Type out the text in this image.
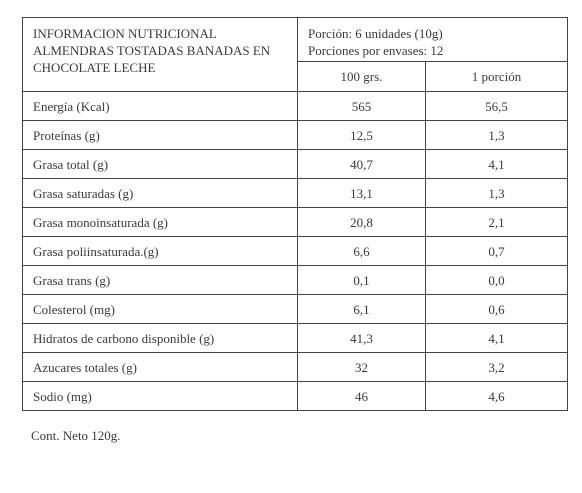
INFORMACION NUTRICIONAL
ALMENDRAS TOSTADAS BANADAS EN
CHOCOLATE LECHE	Porción: 6 unidades (10g)
Porciones por envases: 12	

	100 grs.	1 porción
Energía (Kcal)	565	56,5
Proteínas (g)	12,5	1,3
Grasa total (g)	40,7	4,1
Grasa saturadas (g)	13,1	1,3
Grasa monoinsaturada (g)	20,8	2,1
Grasa poliinsaturada.(g)	6,6	0,7
Grasa trans (g)	0,1	0,0
Colesterol (mg)	6,1	0,6
Hidratos de carbono disponible (g)	41,3	4,1
Azucares totales (g)	32	3,2
Sodio (mg)	46	4,6
Cont. Neto 120g.
